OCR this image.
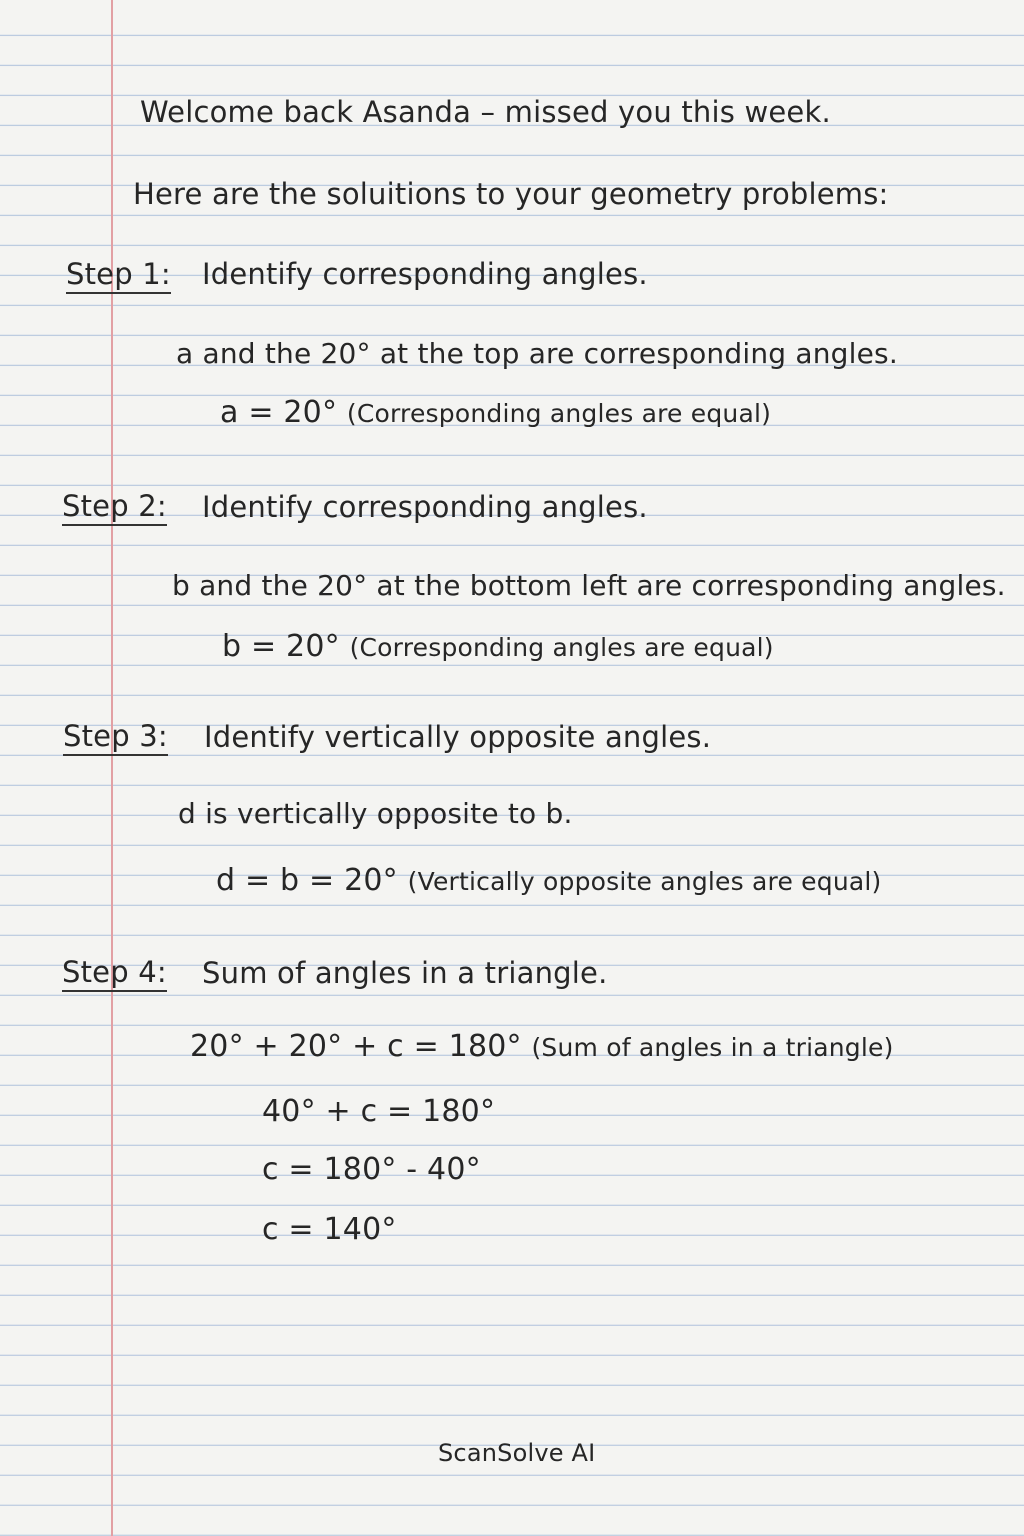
Welcome back Asanda – missed you this week.
Here are the soluitions to your geometry problems:
Step 1: Identify corresponding angles.
a and the 20° at the top are corresponding angles.
a = 20° (Corresponding angles are equal)
Step 2: Identify corresponding angles.
b and the 20° at the bottom left are corresponding angles.
b = 20° (Corresponding angles are equal)
Step 3: Identify vertically opposite angles.
d is vertically opposite to b.
d = b = 20° (Vertically opposite angles are equal)
Step 4: Sum of angles in a triangle.
20° + 20° + c = 180° (Sum of angles in a triangle)
40° + c = 180°
c = 180° - 40°
c = 140°
ScanSolve AI
